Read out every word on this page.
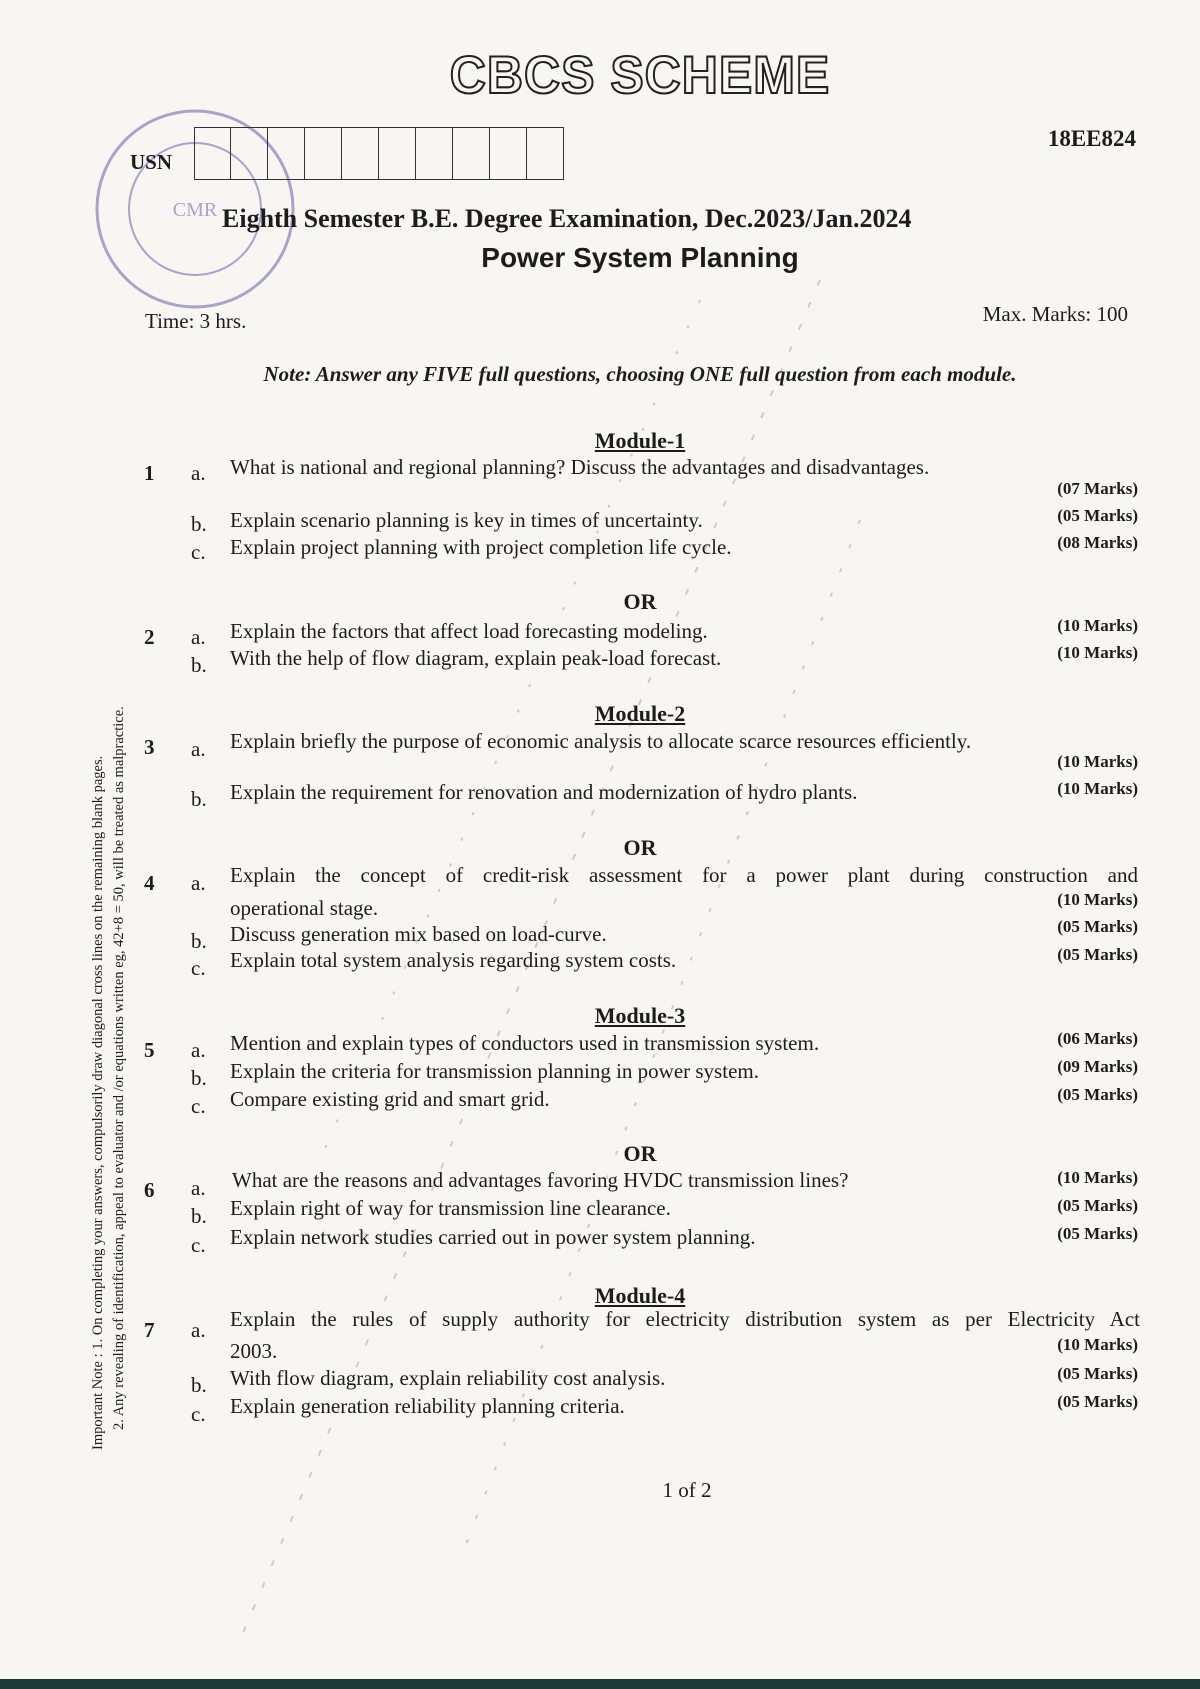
CMR
CBCS SCHEME
18EE824
USN
Eighth Semester B.E. Degree Examination, Dec.2023/Jan.2024
Power System Planning
Time: 3 hrs.	Max. Marks: 100
Note: Answer any FIVE full questions, choosing ONE full question from each module.
Important Note : 1. On completing your answers, compulsorily draw diagonal cross lines on the remaining blank pages. 2. Any revealing of identification, appeal to evaluator and /or equations written eg, 42+8 = 50, will be treated as malpractice.
Module-1
1 a. What is national and regional planning? Discuss the advantages and disadvantages.
(07 Marks)
b. Explain scenario planning is key in times of uncertainty.	(05 Marks)
c. Explain project planning with project completion life cycle.	(08 Marks)
OR
2 a. Explain the factors that affect load forecasting modeling.	(10 Marks)
b. With the help of flow diagram, explain peak-load forecast.	(10 Marks)
Module-2
3 a. Explain briefly the purpose of economic analysis to allocate scarce resources efficiently.
(10 Marks)
b. Explain the requirement for renovation and modernization of hydro plants.	(10 Marks)
OR
4 a. Explain the concept of credit-risk assessment for a power plant during construction and
operational stage.	(10 Marks)
b. Discuss generation mix based on load-curve.	(05 Marks)
c. Explain total system analysis regarding system costs.	(05 Marks)
Module-3
5 a. Mention and explain types of conductors used in transmission system.	(06 Marks)
b. Explain the criteria for transmission planning in power system.	(09 Marks)
c. Compare existing grid and smart grid.	(05 Marks)
OR
6 a. What are the reasons and advantages favoring HVDC transmission lines?	(10 Marks)
b. Explain right of way for transmission line clearance.	(05 Marks)
c. Explain network studies carried out in power system planning.	(05 Marks)
Module-4
7 a. Explain the rules of supply authority for electricity distribution system as per Electricity Act
2003.	(10 Marks)
b. With flow diagram, explain reliability cost analysis.	(05 Marks)
c. Explain generation reliability planning criteria.	(05 Marks)
1 of 2
